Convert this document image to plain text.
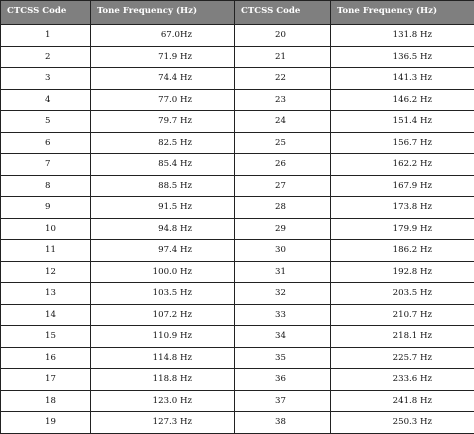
CTCSS Code	Tone Frequency (Hz)	CTCSS Code	Tone Frequency (Hz)
1	67.0Hz	20	131.8 Hz
2	71.9 Hz	21	136.5 Hz
3	74.4 Hz	22	141.3 Hz
4	77.0 Hz	23	146.2 Hz
5	79.7 Hz	24	151.4 Hz
6	82.5 Hz	25	156.7 Hz
7	85.4 Hz	26	162.2 Hz
8	88.5 Hz	27	167.9 Hz
9	91.5 Hz	28	173.8 Hz
10	94.8 Hz	29	179.9 Hz
11	97.4 Hz	30	186.2 Hz
12	100.0 Hz	31	192.8 Hz
13	103.5 Hz	32	203.5 Hz
14	107.2 Hz	33	210.7 Hz
15	110.9 Hz	34	218.1 Hz
16	114.8 Hz	35	225.7 Hz
17	118.8 Hz	36	233.6 Hz
18	123.0 Hz	37	241.8 Hz
19	127.3 Hz	38	250.3 Hz
